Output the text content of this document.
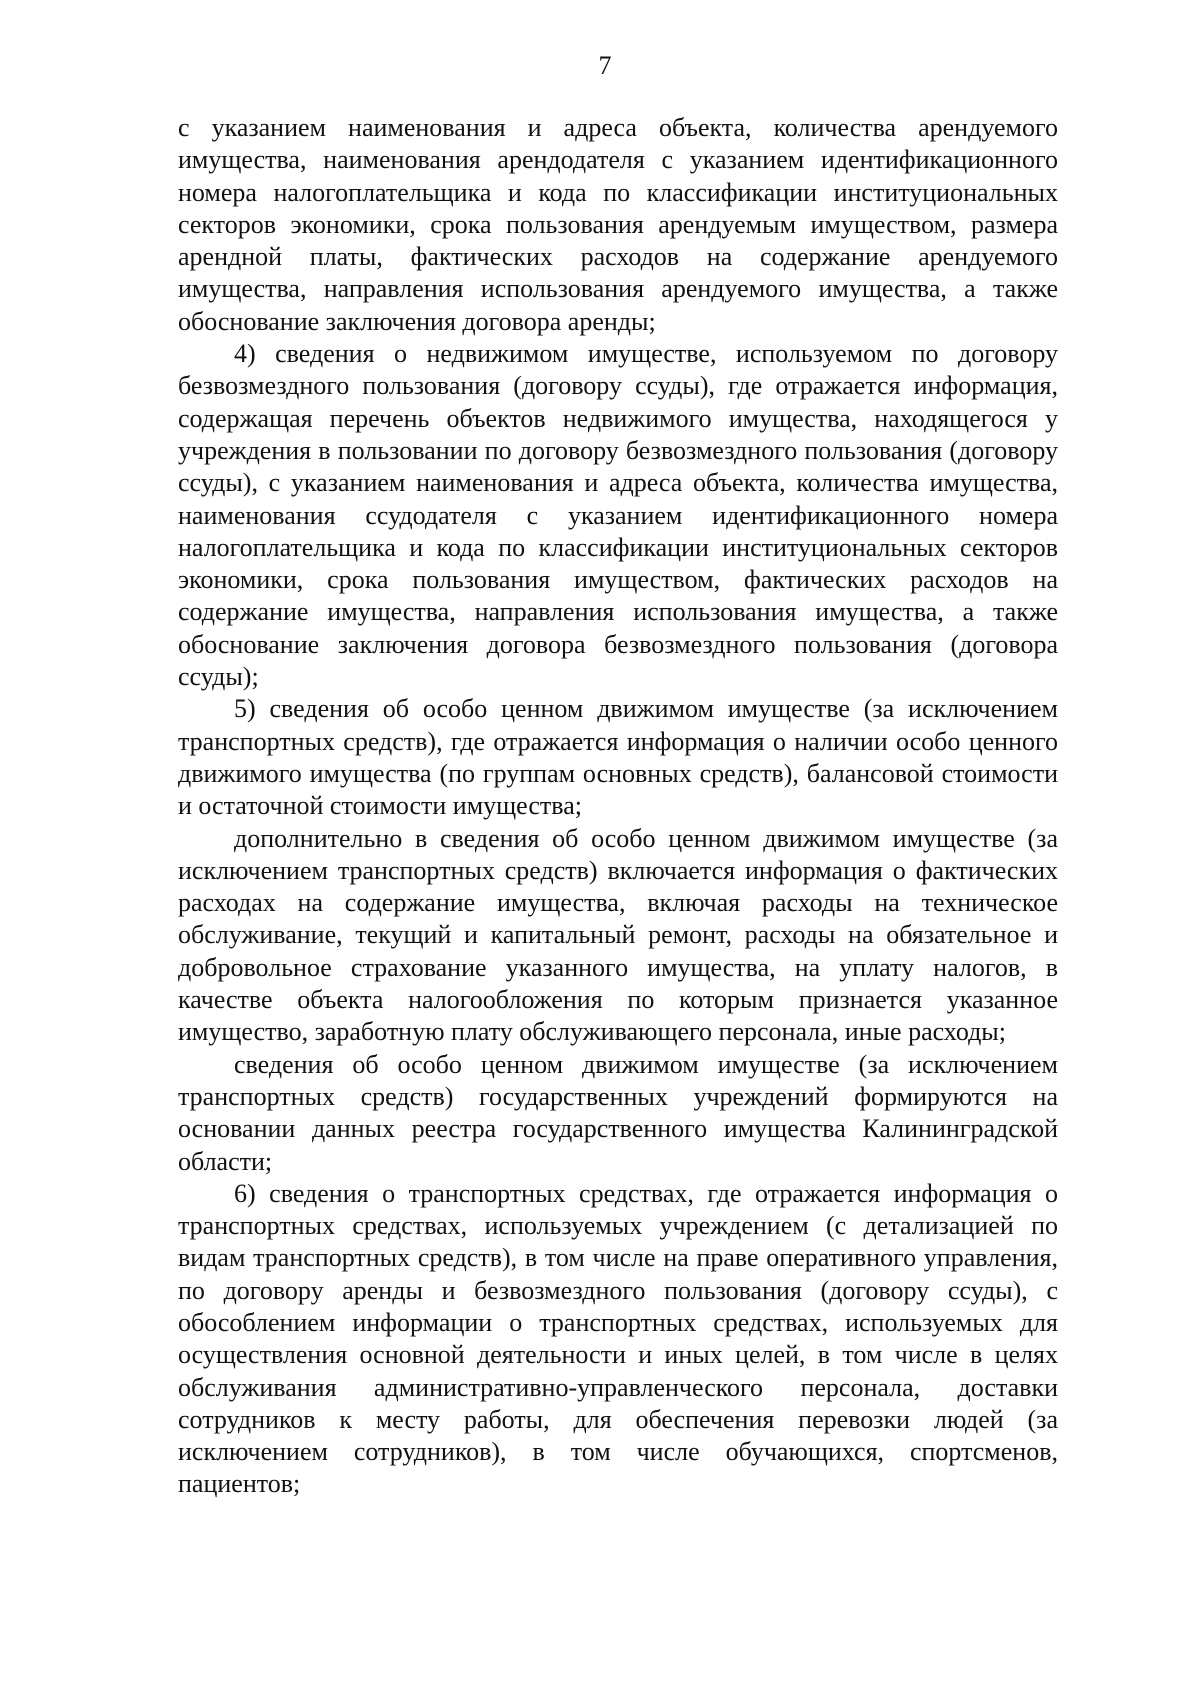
7

с указанием наименования и адреса объекта, количества арендуемого имущества, наименования арендодателя с указанием идентификационного номера налогоплательщика и кода по классификации институциональных секторов экономики, срока пользования арендуемым имуществом, размера арендной платы, фактических расходов на содержание арендуемого имущества, направления использования арендуемого имущества, а также обоснование заключения договора аренды;

4) сведения о недвижимом имуществе, используемом по договору безвозмездного пользования (договору ссуды), где отражается информация, содержащая перечень объектов недвижимого имущества, находящегося у учреждения в пользовании по договору безвозмездного пользования (договору ссуды), с указанием наименования и адреса объекта, количества имущества, наименования ссудодателя с указанием идентификационного номера налогоплательщика и кода по классификации институциональных секторов экономики, срока пользования имуществом, фактических расходов на содержание имущества, направления использования имущества, а также обоснование заключения договора безвозмездного пользования (договора ссуды);

5) сведения об особо ценном движимом имуществе (за исключением транспортных средств), где отражается информация о наличии особо ценного движимого имущества (по группам основных средств), балансовой стоимости и остаточной стоимости имущества;

дополнительно в сведения об особо ценном движимом имуществе (за исключением транспортных средств) включается информация о фактических расходах на содержание имущества, включая расходы на техническое обслуживание, текущий и капитальный ремонт, расходы на обязательное и добровольное страхование указанного имущества, на уплату налогов, в качестве объекта налогообложения по которым признается указанное имущество, заработную плату обслуживающего персонала, иные расходы;

сведения об особо ценном движимом имуществе (за исключением транспортных средств) государственных учреждений формируются на основании данных реестра государственного имущества Калининградской области;

6) сведения о транспортных средствах, где отражается информация о транспортных средствах, используемых учреждением (с детализацией по видам транспортных средств), в том числе на праве оперативного управления, по договору аренды и безвозмездного пользования (договору ссуды), с обособлением информации о транспортных средствах, используемых для осуществления основной деятельности и иных целей, в том числе в целях обслуживания административно-управленческого персонала, доставки сотрудников к месту работы, для обеспечения перевозки людей (за исключением сотрудников), в том числе обучающихся, спортсменов, пациентов;
